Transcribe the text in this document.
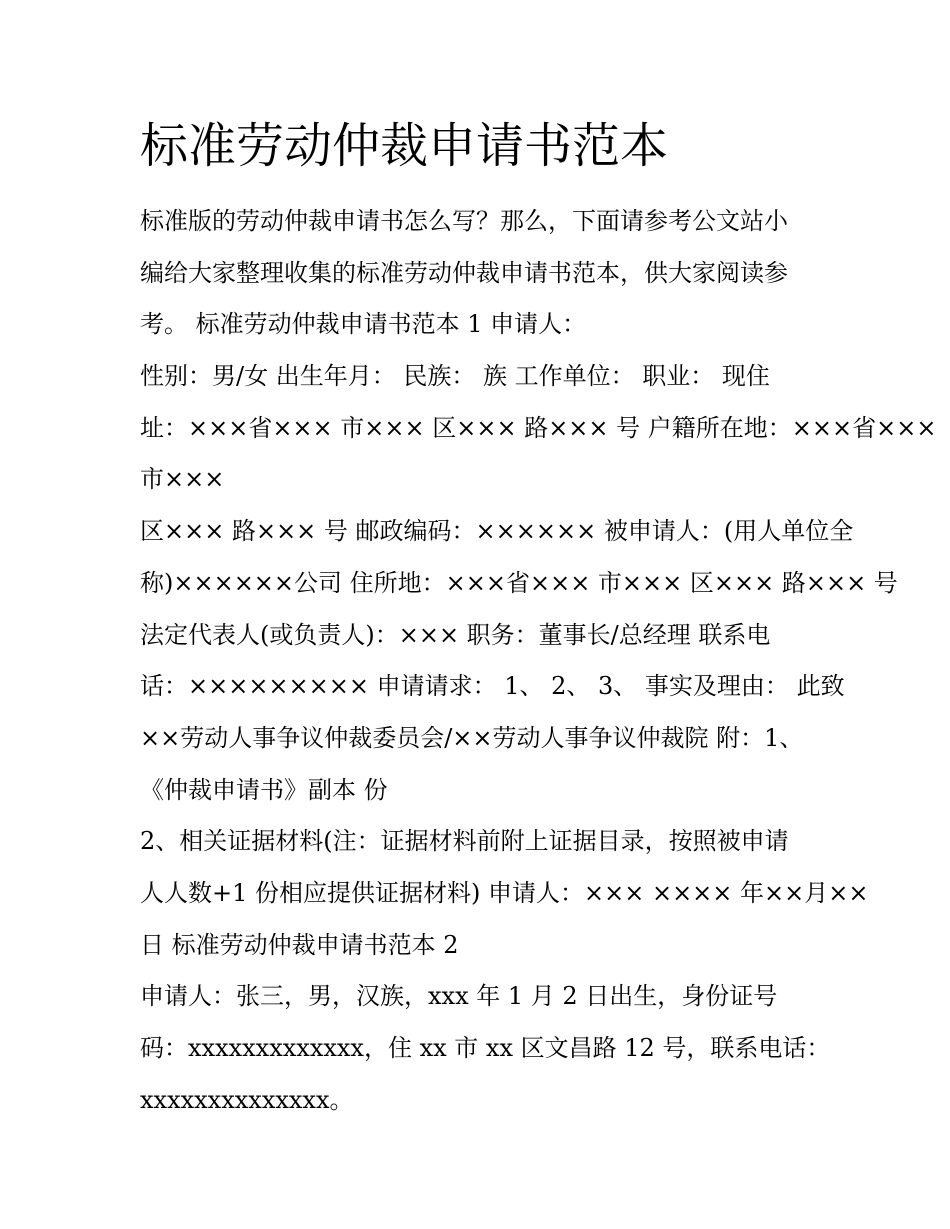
标准劳动仲裁申请书范本
标准版的劳动仲裁申请书怎么写？那么，下面请参考公文站小
编给大家整理收集的标准劳动仲裁申请书范本，供大家阅读参
考。 标准劳动仲裁申请书范本 1 申请人：
性别：男/女 出生年月： 民族： 族 工作单位： 职业： 现住
址：×××省××× 市××× 区××× 路××× 号 户籍所在地：×××省×××
市×××
区××× 路××× 号 邮政编码：×××××× 被申请人：(用人单位全
称)××××××公司 住所地：×××省××× 市××× 区××× 路××× 号
法定代表人(或负责人)：××× 职务：董事长/总经理 联系电
话：××××××××× 申请请求： 1、 2、 3、 事实及理由： 此致
××劳动人事争议仲裁委员会/××劳动人事争议仲裁院 附：1、
《仲裁申请书》副本 份
2、相关证据材料(注：证据材料前附上证据目录，按照被申请
人人数+1 份相应提供证据材料) 申请人：××× ×××× 年××月××
日 标准劳动仲裁申请书范本 2
申请人：张三，男，汉族，xxx 年 1 月 2 日出生，身份证号
码：xxxxxxxxxxxxx，住 xx 市 xx 区文昌路 12 号，联系电话：
xxxxxxxxxxxxxx。
